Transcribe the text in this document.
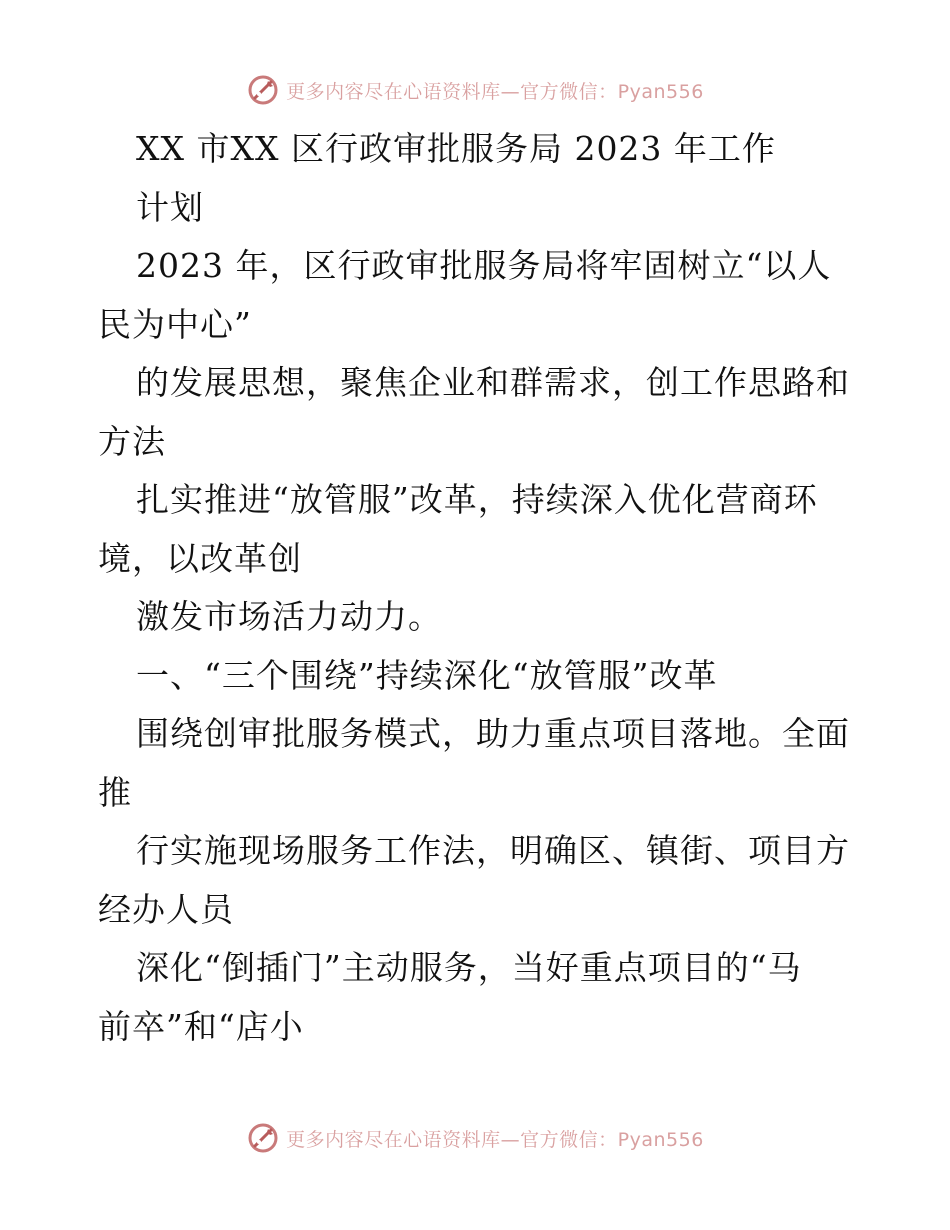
更多内容尽在心语资料库—官方微信：Pyan556
XX 市XX 区行政审批服务局 2023 年工作
计划
2023 年，区行政审批服务局将牢固树立“以人
民为中心”
的发展思想，聚焦企业和群需求，创工作思路和
方法
扎实推进“放管服”改革，持续深入优化营商环
境，以改革创
激发市场活力动力。
一、“三个围绕”持续深化“放管服”改革
围绕创审批服务模式，助力重点项目落地。全面
推
行实施现场服务工作法，明确区、镇街、项目方
经办人员
深化“倒插门”主动服务，当好重点项目的“马
前卒”和“店小
更多内容尽在心语资料库—官方微信：Pyan556
